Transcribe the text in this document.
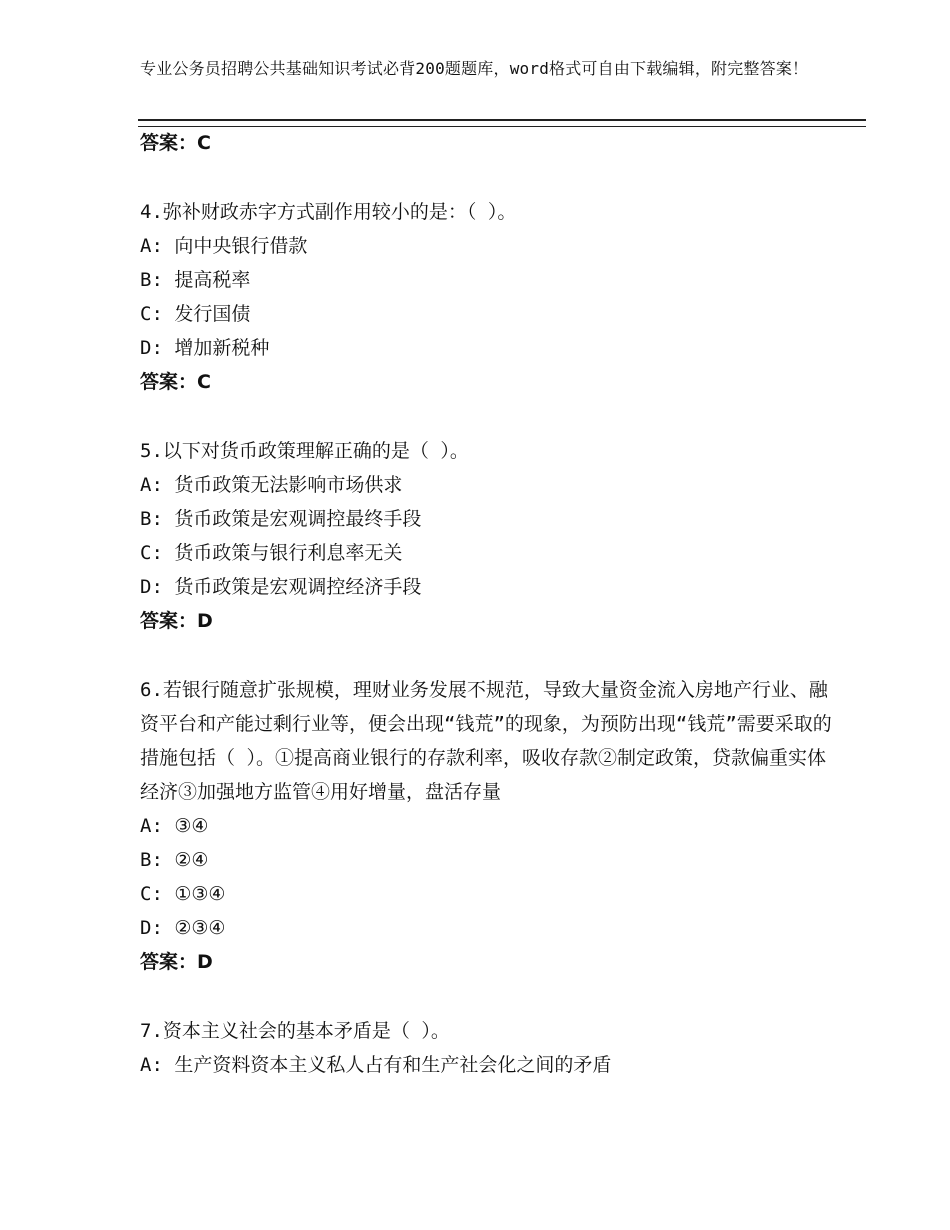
专业公务员招聘公共基础知识考试必背200题题库，word格式可自由下载编辑，附完整答案！
答案：C
4.弥补财政赤字方式副作用较小的是：（ ）。
A: 向中央银行借款
B: 提高税率
C: 发行国债
D: 增加新税种
答案：C
5.以下对货币政策理解正确的是（ ）。
A: 货币政策无法影响市场供求
B: 货币政策是宏观调控最终手段
C: 货币政策与银行利息率无关
D: 货币政策是宏观调控经济手段
答案：D
6.若银行随意扩张规模，理财业务发展不规范，导致大量资金流入房地产行业、融资平台和产能过剩行业等，便会出现“钱荒”的现象，为预防出现“钱荒”需要采取的措施包括（ ）。①提高商业银行的存款利率，吸收存款②制定政策，贷款偏重实体经济③加强地方监管④用好增量，盘活存量
A: ③④
B: ②④
C: ①③④
D: ②③④
答案：D
7.资本主义社会的基本矛盾是（ ）。
A: 生产资料资本主义私人占有和生产社会化之间的矛盾
